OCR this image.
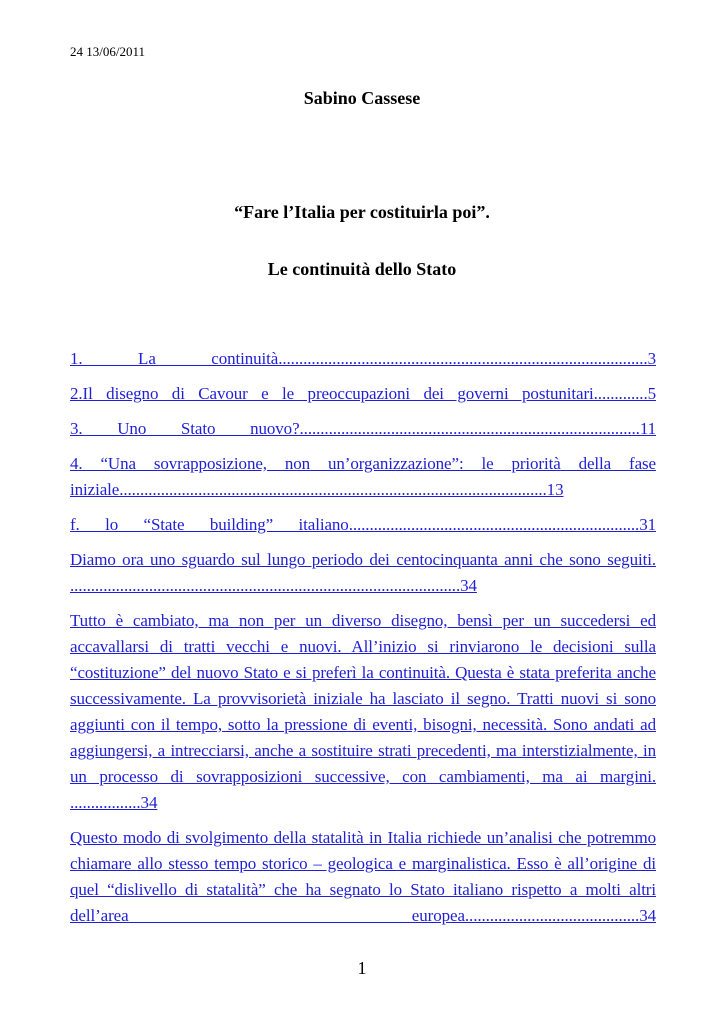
24 13/06/2011
Sabino Cassese
“Fare l’Italia per costituirla poi”.
Le continuità dello Stato
1. La continuità.........................................................................................3
2.Il disegno di Cavour e le preoccupazioni dei governi postunitari.............5
3. Uno Stato nuovo?..................................................................................11
4. “Una sovrapposizione, non un’organizzazione”: le priorità della fase iniziale.......................................................................................................13
f. lo “State building” italiano......................................................................31
Diamo ora uno sguardo sul lungo periodo dei centocinquanta anni che sono seguiti. ..............................................................................................34
Tutto è cambiato, ma non per un diverso disegno, bensì per un succedersi ed accavallarsi di tratti vecchi e nuovi. All’inizio si rinviarono le decisioni sulla “costituzione” del nuovo Stato e si preferì la continuità. Questa è stata preferita anche successivamente. La provvisorietà iniziale ha lasciato il segno. Tratti nuovi si sono aggiunti con il tempo, sotto la pressione di eventi, bisogni, necessità. Sono andati ad aggiungersi, a intrecciarsi, anche a sostituire strati precedenti, ma interstizialmente, in un processo di sovrapposizioni successive, con cambiamenti, ma ai margini. .................34
Questo modo di svolgimento della statalità in Italia richiede un’analisi che potremmo chiamare allo stesso tempo storico – geologica e marginalistica. Esso è all’origine di quel “dislivello di statalità” che ha segnato lo Stato italiano rispetto a molti altri dell’area europea..........................................34
1
